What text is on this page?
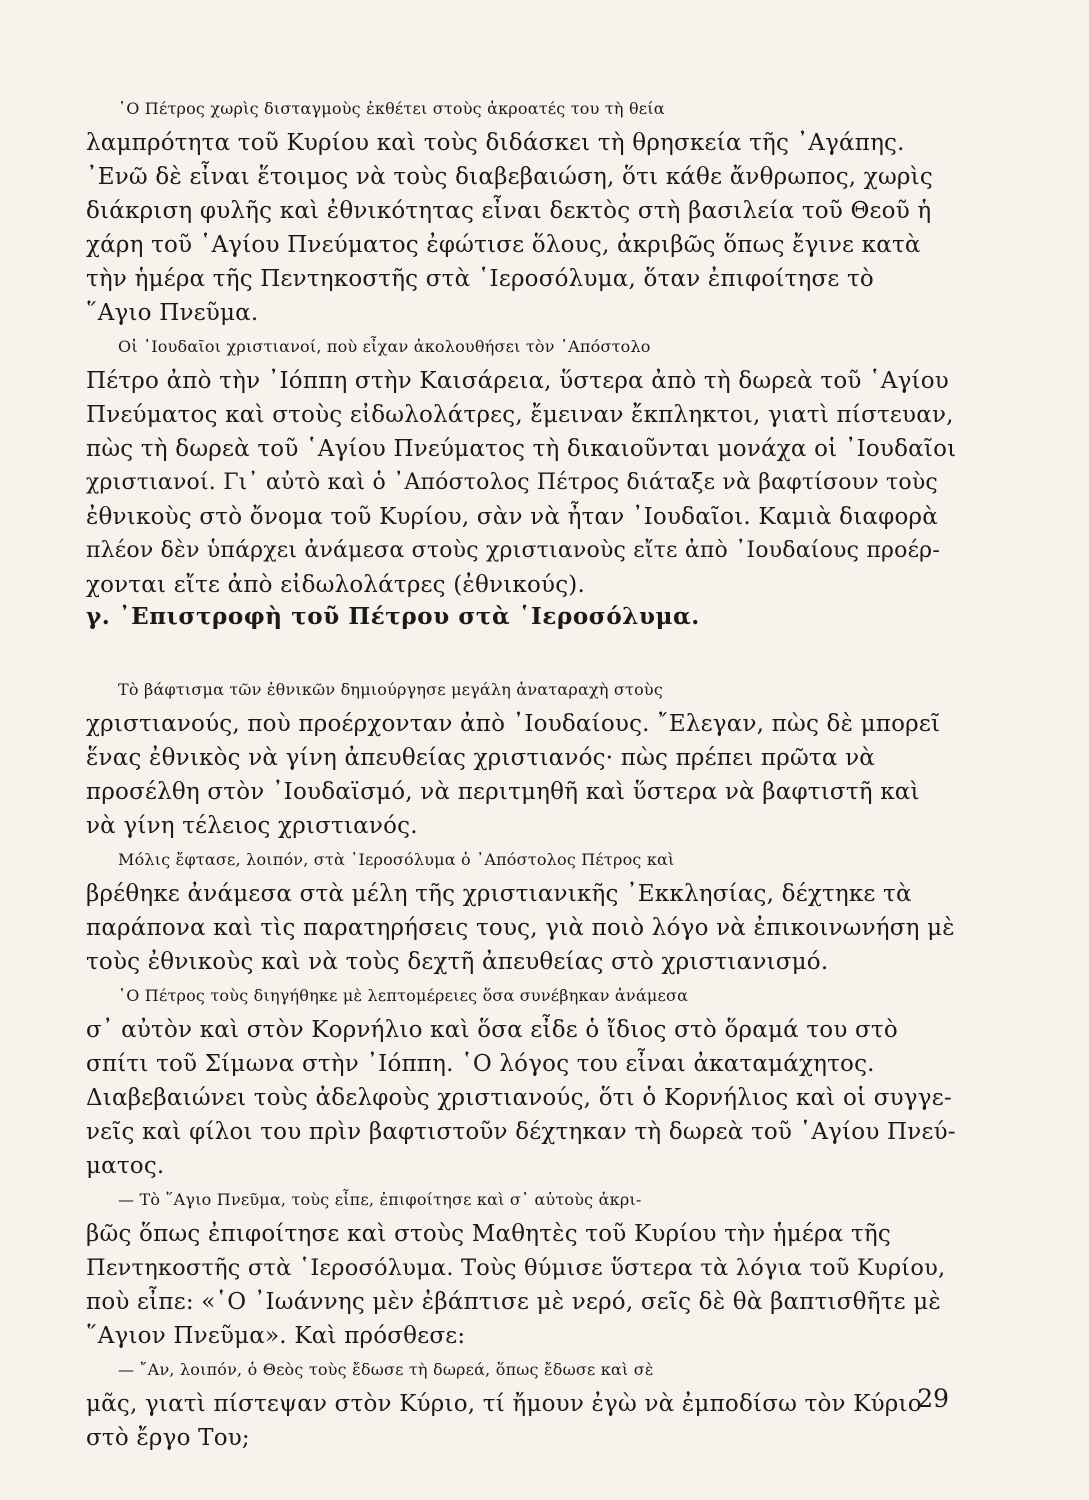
῾Ο Πέτρος χωρὶς δισταγμοὺς ἐκθέτει στοὺς ἀκροατές του τὴ θεία
λαμπρότητα τοῦ Κυρίου καὶ τοὺς διδάσκει τὴ θρησκεία τῆς ᾿Αγάπης.
᾿Ενῶ δὲ εἶναι ἕτοιμος νὰ τοὺς διαβεβαιώση, ὅτι κάθε ἄνθρωπος, χωρὶς
διάκριση φυλῆς καὶ ἐθνικότητας εἶναι δεκτὸς στὴ βασιλεία τοῦ Θεοῦ ἡ
χάρη τοῦ ῾Αγίου Πνεύματος ἐφώτισε ὅλους, ἀκριβῶς ὅπως ἔγινε κατὰ
τὴν ἡμέρα τῆς Πεντηκοστῆς στὰ ῾Ιεροσόλυμα, ὅταν ἐπιφοίτησε τὸ
῞Αγιο Πνεῦμα.

Οἱ ᾿Ιουδαῖοι χριστιανοί, ποὺ εἶχαν ἀκολουθήσει τὸν ᾿Απόστολο
Πέτρο ἀπὸ τὴν ᾿Ιόππη στὴν Καισάρεια, ὕστερα ἀπὸ τὴ δωρεὰ τοῦ ῾Αγίου
Πνεύματος καὶ στοὺς εἰδωλολάτρες, ἔμειναν ἔκπληκτοι, γιατὶ πίστευαν,
πὼς τὴ δωρεὰ τοῦ ῾Αγίου Πνεύματος τὴ δικαιοῦνται μονάχα οἱ ᾿Ιουδαῖοι
χριστιανοί. Γι᾿ αὐτὸ καὶ ὁ ᾿Απόστολος Πέτρος διάταξε νὰ βαφτίσουν τοὺς
ἐθνικοὺς στὸ ὄνομα τοῦ Κυρίου, σὰν νὰ ἦταν ᾿Ιουδαῖοι. Καμιὰ διαφορὰ
πλέον δὲν ὑπάρχει ἀνάμεσα στοὺς χριστιανοὺς εἴτε ἀπὸ ᾿Ιουδαίους προέρ-
χονται εἴτε ἀπὸ εἰδωλολάτρες (ἐθνικούς).

γ. ᾿Επιστροφὴ τοῦ Πέτρου στὰ ῾Ιεροσόλυμα.

Τὸ βάφτισμα τῶν ἐθνικῶν δημιούργησε μεγάλη ἀναταραχὴ στοὺς
χριστιανούς, ποὺ προέρχονταν ἀπὸ ᾿Ιουδαίους. ῎Ελεγαν, πὼς δὲ μπορεῖ
ἕνας ἐθνικὸς νὰ γίνη ἀπευθείας χριστιανός· πὼς πρέπει πρῶτα νὰ
προσέλθη στὸν ᾿Ιουδαϊσμό, νὰ περιτμηθῆ καὶ ὕστερα νὰ βαφτιστῆ καὶ
νὰ γίνη τέλειος χριστιανός.

Μόλις ἔφτασε, λοιπόν, στὰ ῾Ιεροσόλυμα ὁ ᾿Απόστολος Πέτρος καὶ
βρέθηκε ἀνάμεσα στὰ μέλη τῆς χριστιανικῆς ᾿Εκκλησίας, δέχτηκε τὰ
παράπονα καὶ τὶς παρατηρήσεις τους, γιὰ ποιὸ λόγο νὰ ἐπικοινωνήση μὲ
τοὺς ἐθνικοὺς καὶ νὰ τοὺς δεχτῆ ἀπευθείας στὸ χριστιανισμό.

῾Ο Πέτρος τοὺς διηγήθηκε μὲ λεπτομέρειες ὅσα συνέβηκαν ἀνάμεσα
σ᾿ αὐτὸν καὶ στὸν Κορνήλιο καὶ ὅσα εἶδε ὁ ἴδιος στὸ ὅραμά του στὸ
σπίτι τοῦ Σίμωνα στὴν ᾿Ιόππη. ῾Ο λόγος του εἶναι ἀκαταμάχητος.
Διαβεβαιώνει τοὺς ἀδελφοὺς χριστιανούς, ὅτι ὁ Κορνήλιος καὶ οἱ συγγε-
νεῖς καὶ φίλοι του πρὶν βαφτιστοῦν δέχτηκαν τὴ δωρεὰ τοῦ ῾Αγίου Πνεύ-
ματος.

— Τὸ ῞Αγιο Πνεῦμα, τοὺς εἶπε, ἐπιφοίτησε καὶ σ᾿ αὐτοὺς ἀκρι-
βῶς ὅπως ἐπιφοίτησε καὶ στοὺς Μαθητὲς τοῦ Κυρίου τὴν ἡμέρα τῆς
Πεντηκοστῆς στὰ ῾Ιεροσόλυμα. Τοὺς θύμισε ὕστερα τὰ λόγια τοῦ Κυρίου,
ποὺ εἶπε: «῾Ο ᾿Ιωάννης μὲν ἐβάπτισε μὲ νερό, σεῖς δὲ θὰ βαπτισθῆτε μὲ
῞Αγιον Πνεῦμα». Καὶ πρόσθεσε:

— ῎Αν, λοιπόν, ὁ Θεὸς τοὺς ἔδωσε τὴ δωρεά, ὅπως ἔδωσε καὶ σὲ
μᾶς, γιατὶ πίστεψαν στὸν Κύριο, τί ἤμουν ἐγὼ νὰ ἐμποδίσω τὸν Κύριο
στὸ ἔργο Του;

29
